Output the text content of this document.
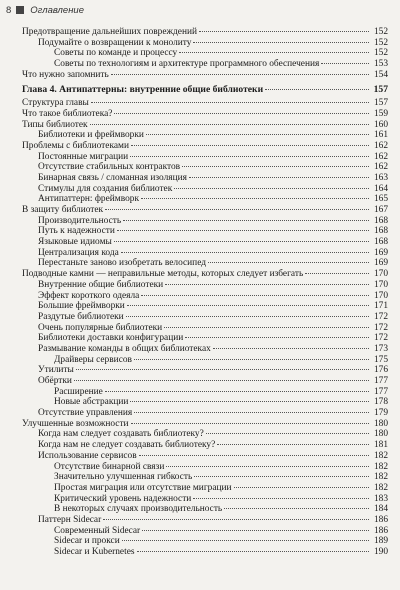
8 Оглавление
Предотвращение дальнейших повреждений	152
Подумайте о возвращении к монолиту	152
Советы по команде и процессу	152
Советы по технологиям и архитектуре программного обеспечения	153
Что нужно запомнить	154
Глава 4. Антипаттерны: внутренние общие библиотеки	157
Структура главы	157
Что такое библиотека?	159
Типы библиотек	160
Библиотеки и фреймворки	161
Проблемы с библиотеками	162
Постоянные миграции	162
Отсутствие стабильных контрактов	162
Бинарная связь / сломанная изоляция	163
Стимулы для создания библиотек	164
Антипаттерн: фреймворк	165
В защиту библиотек	167
Производительность	168
Путь к надежности	168
Языковые идиомы	168
Централизация кода	169
Перестаньте заново изобретать велосипед	169
Подводные камни — неправильные методы, которых следует избегать	170
Внутренние общие библиотеки	170
Эффект короткого одеяла	170
Большие фреймворки	171
Раздутые библиотеки	172
Очень популярные библиотеки	172
Библиотеки доставки конфигурации	172
Размывание команды в общих библиотеках	173
Драйверы сервисов	175
Утилиты	176
Обёртки	177
Расширение	177
Новые абстракции	178
Отсутствие управления	179
Улучшенные возможности	180
Когда нам следует создавать библиотеку?	180
Когда нам не следует создавать библиотеку?	181
Использование сервисов	182
Отсутствие бинарной связи	182
Значительно улучшенная гибкость	182
Простая миграция или отсутствие миграции	182
Критический уровень надежности	183
В некоторых случаях производительность	184
Паттерн Sidecar	186
Современный Sidecar	186
Sidecar и прокси	189
Sidecar и Kubernetes	190
